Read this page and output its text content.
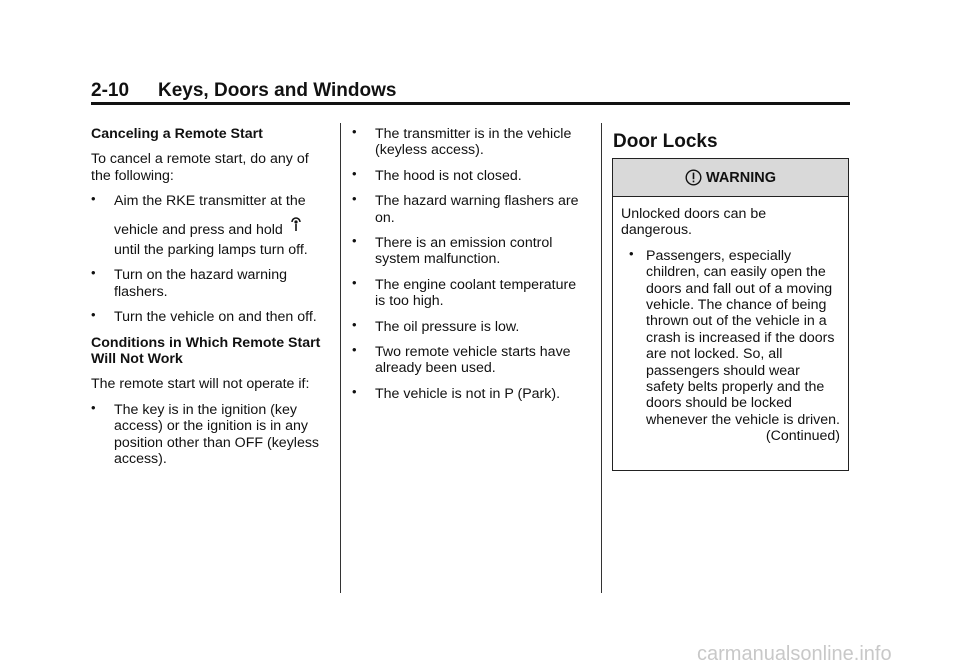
2-10 Keys, Doors and Windows

Canceling a Remote Start

To cancel a remote start, do any of the following:

• Aim the RKE transmitter at the
vehicle and press and hold
until the parking lamps turn off.
• Turn on the hazard warning flashers.
• Turn the vehicle on and then off.

Conditions in Which Remote Start Will Not Work

The remote start will not operate if:

• The key is in the ignition (key access) or the ignition is in any position other than OFF (keyless access).
• The transmitter is in the vehicle (keyless access).
• The hood is not closed.
• The hazard warning flashers are on.
• There is an emission control system malfunction.
• The engine coolant temperature is too high.
• The oil pressure is low.
• Two remote vehicle starts have already been used.
• The vehicle is not in P (Park).
Door Locks
WARNING

Unlocked doors can be dangerous.

• Passengers, especially children, can easily open the doors and fall out of a moving vehicle. The chance of being thrown out of the vehicle in a crash is increased if the doors are not locked. So, all passengers should wear safety belts properly and the doors should be locked whenever the vehicle is driven.

(Continued)

carmanualsonline.info
